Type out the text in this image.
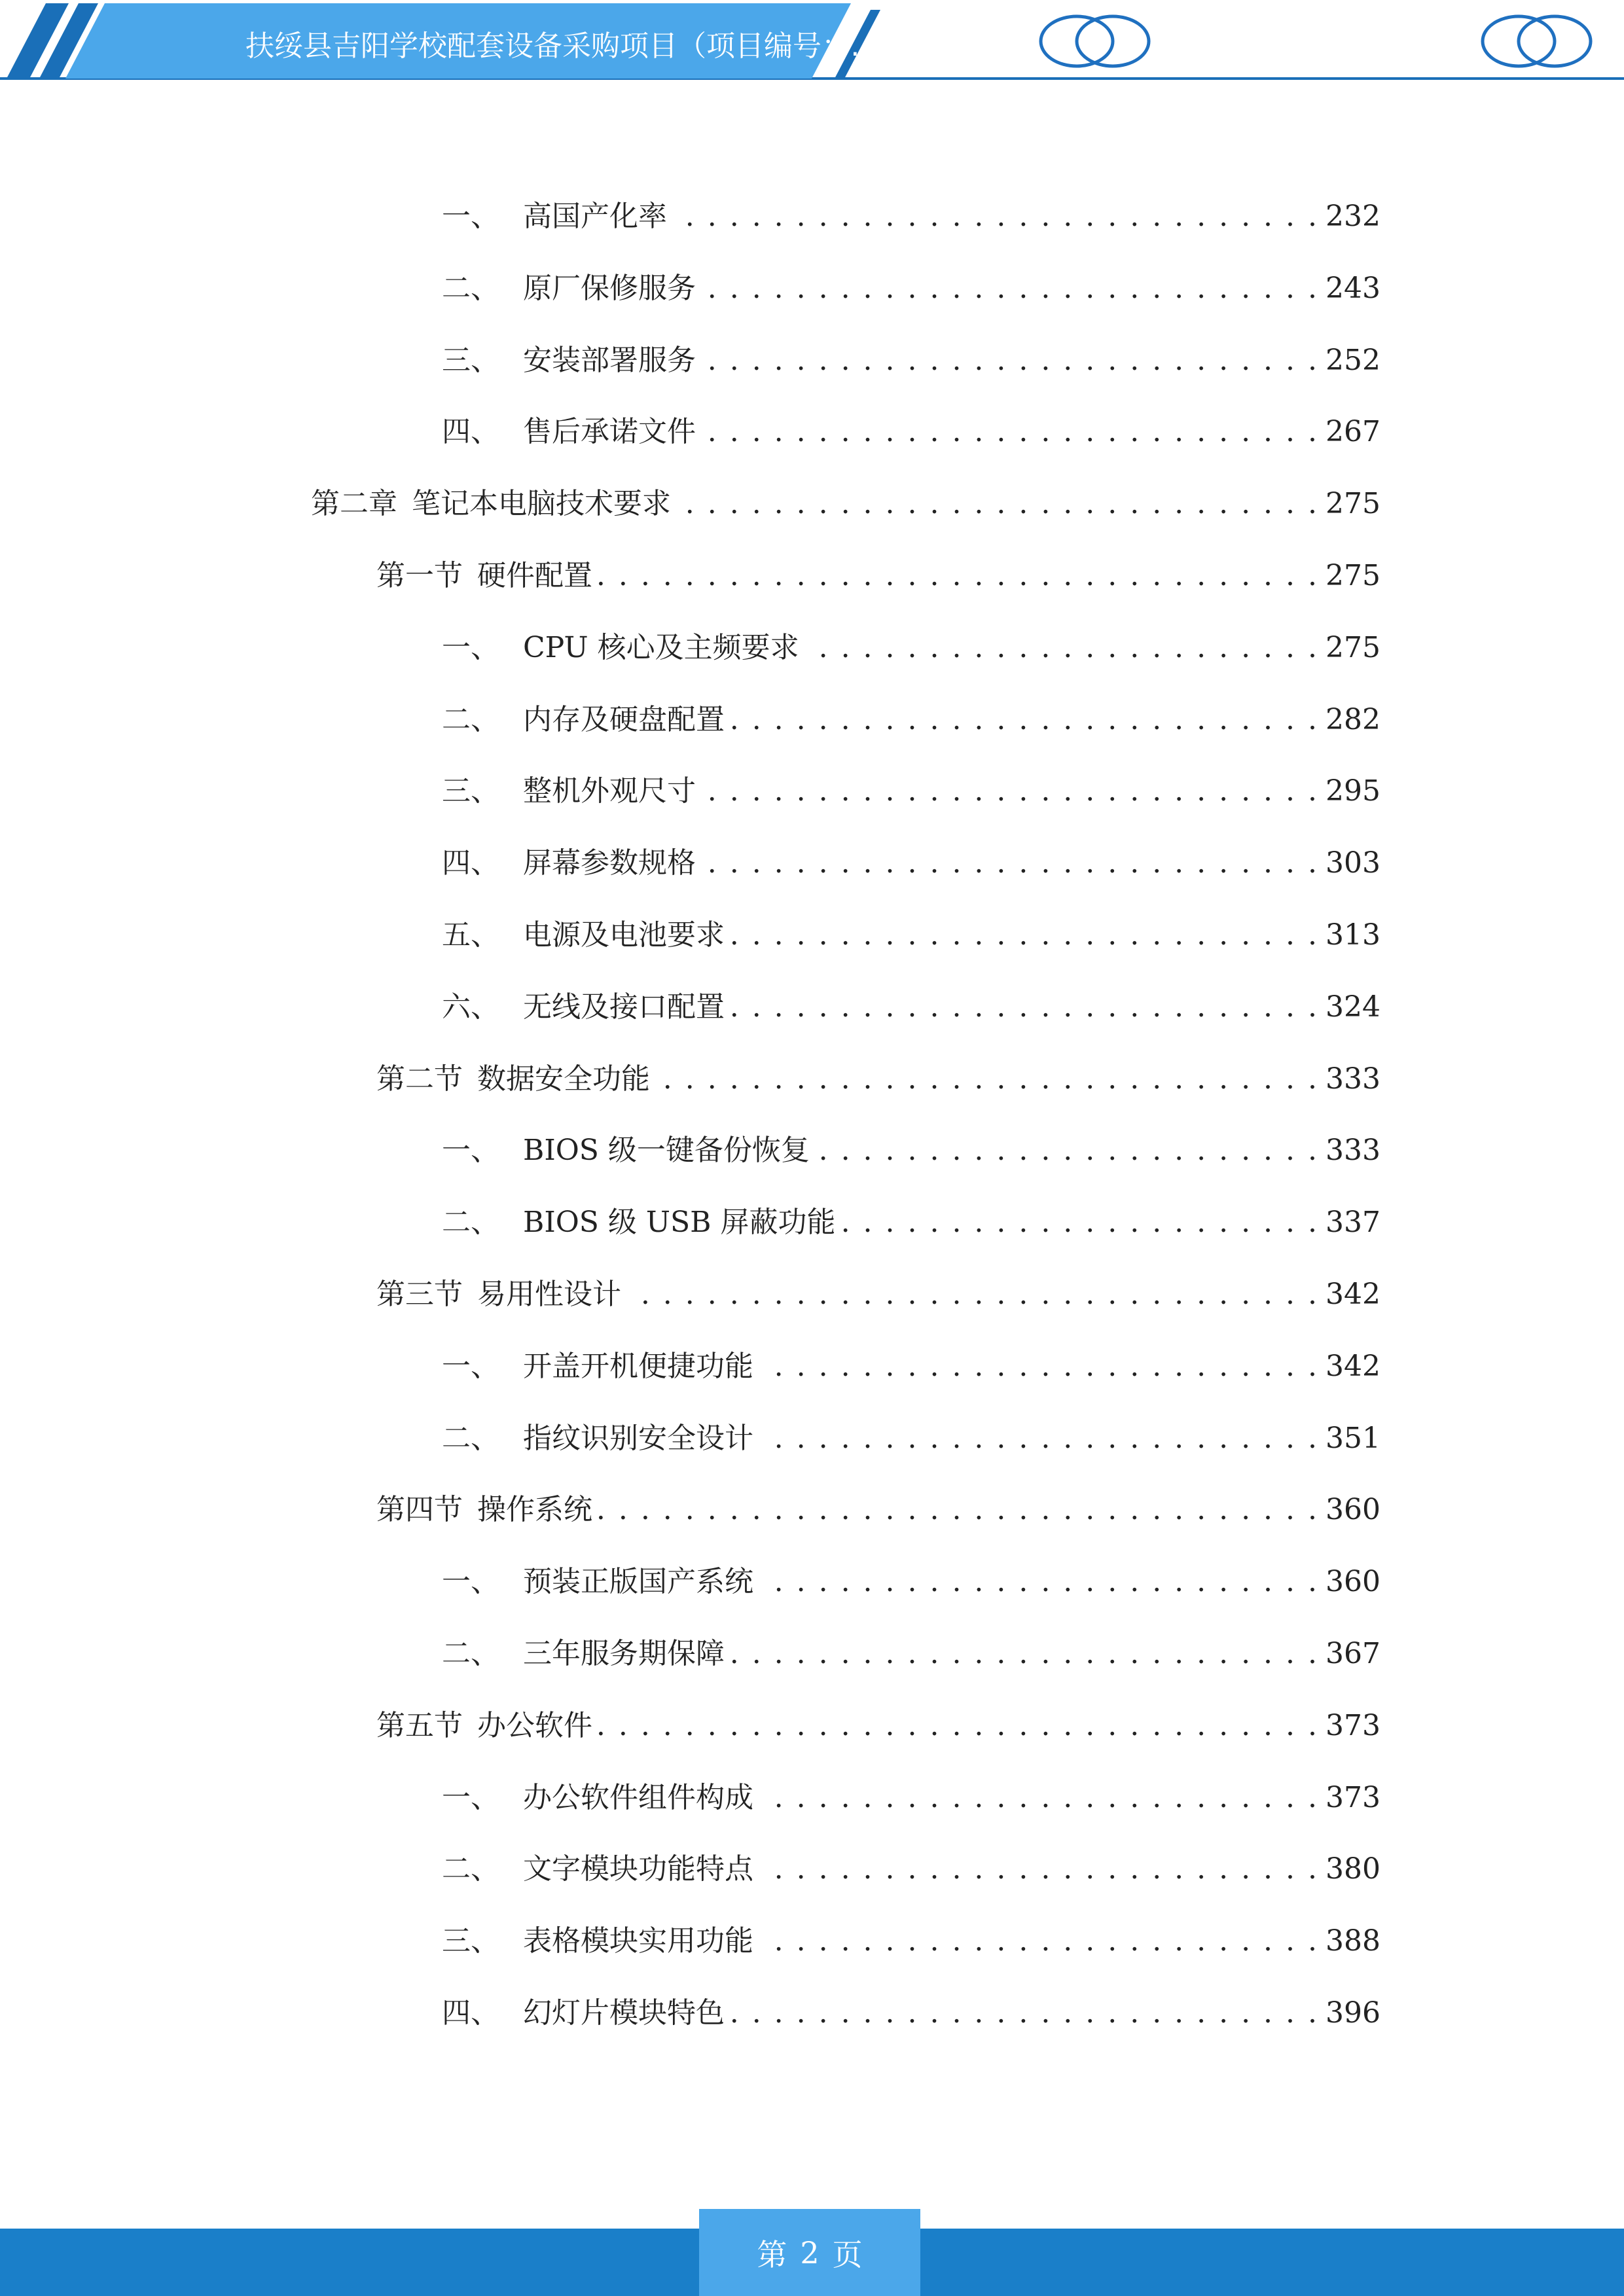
扶绥县吉阳学校配套设备采购项目（项目编号：…）
一、 高国产化率 . . .	232
二、 原厂保修服务 . . .	243
三、 安装部署服务 . . .	252
四、 售后承诺文件 . . .	267
第二章 笔记本电脑技术要求 . . .	275
第一节 硬件配置 . . .	275
一、 CPU 核心及主频要求 . . .	275
二、 内存及硬盘配置 . . .	282
三、 整机外观尺寸 . . .	295
四、 屏幕参数规格 . . .	303
五、 电源及电池要求 . . .	313
六、 无线及接口配置 . . .	324
第二节 数据安全功能 . . .	333
一、 BIOS 级一键备份恢复 . . .	333
二、 BIOS 级 USB 屏蔽功能 . . .	337
第三节 易用性设计 . . .	342
一、 开盖开机便捷功能 . . .	342
二、 指纹识别安全设计 . . .	351
第四节 操作系统 . . .	360
一、 预装正版国产系统 . . .	360
二、 三年服务期保障 . . .	367
第五节 办公软件 . . .	373
一、 办公软件组件构成 . . .	373
二、 文字模块功能特点 . . .	380
三、 表格模块实用功能 . . .	388
四、 幻灯片模块特色 . . .	396
第 2 页
